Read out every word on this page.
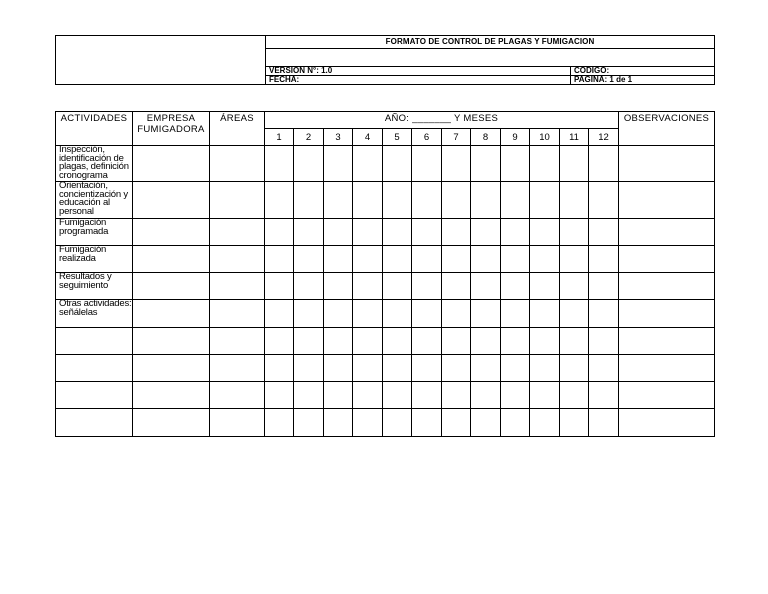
	FORMATO DE CONTROL DE PLAGAS Y FUMIGACION	

	VERSION N°: 1.0	CODIGO:
	FECHA:	PAGINA: 1 de 1
ACTIVIDADES	EMPRESA FUMIGADORA	ÁREAS	AÑO: _______ Y MESES												OBSERVACIONES
			1	2	3	4	5	6	7	8	9	10	11	12	
Inspección, identificación de plagas, definición cronograma															
Orientación, concientización y educación al personal															
Fumigación programada															
Fumigación realizada															
Resultados y seguimiento															
Otras actividades: señálelas															
